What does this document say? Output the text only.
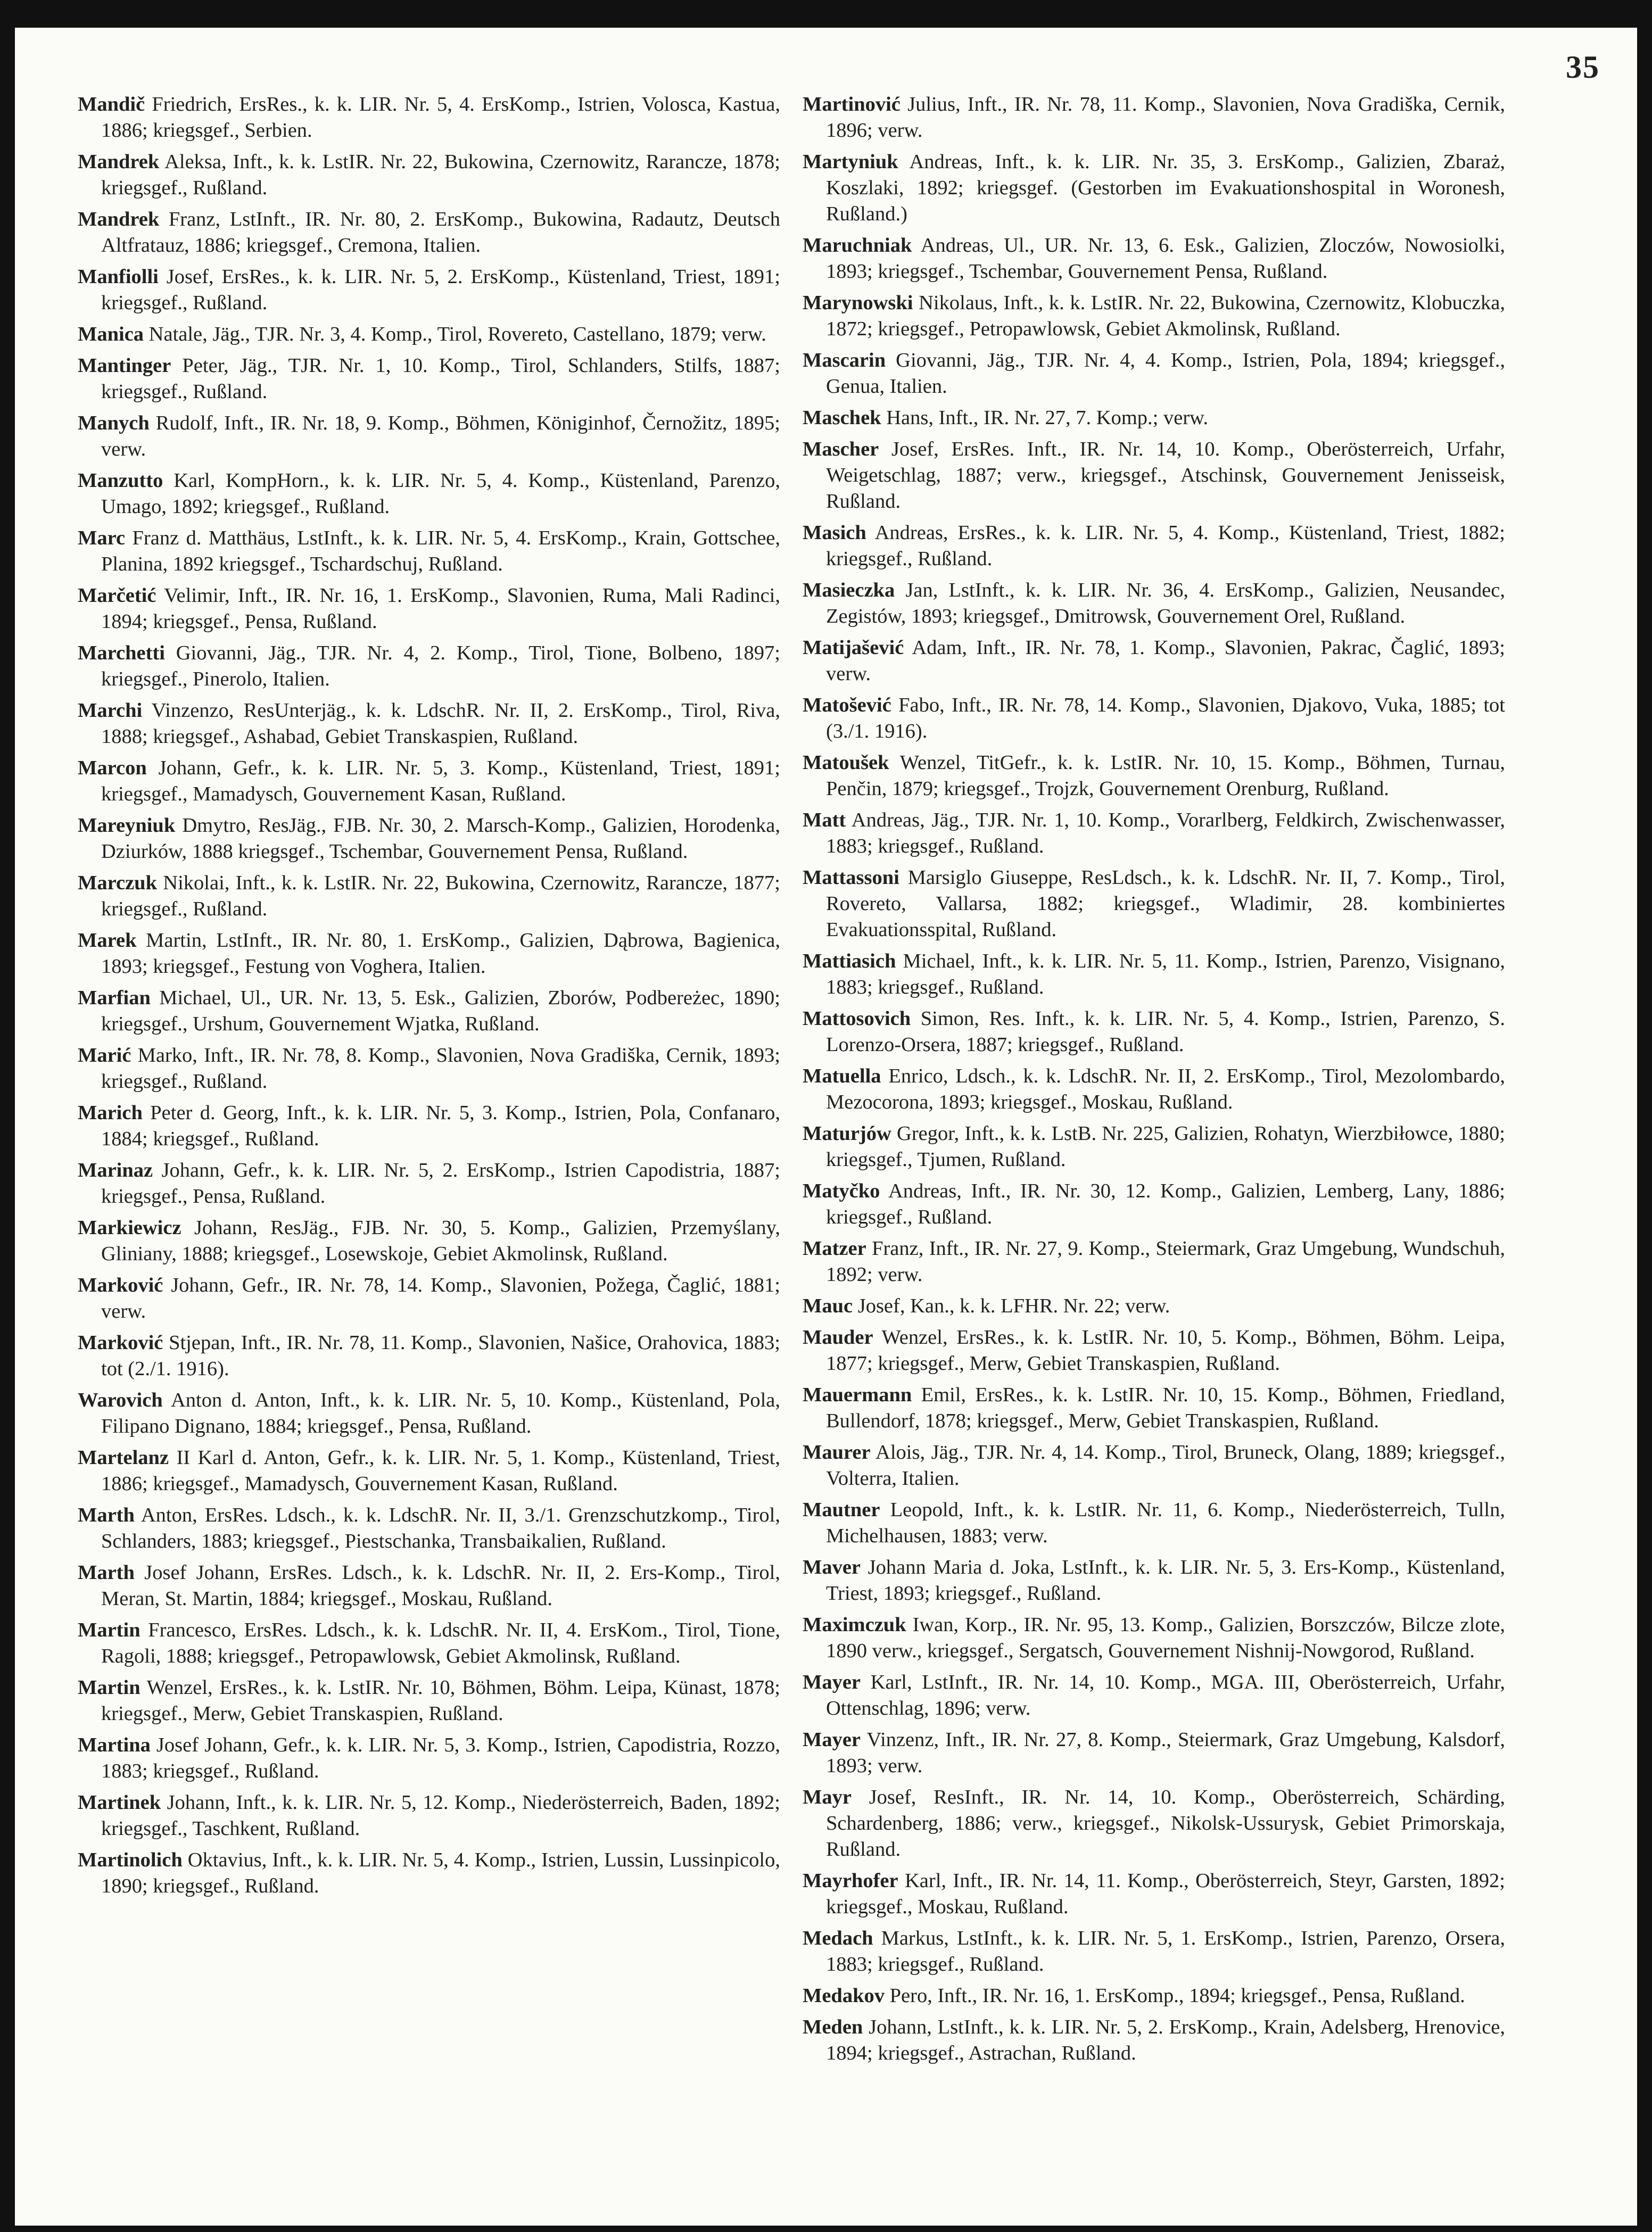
35
Mandič Friedrich, ErsRes., k. k. LIR. Nr. 5, 4. ErsKomp., Istrien, Volosca, Kastua, 1886; kriegsgef., Serbien.
Mandrek Aleksa, Inft., k. k. LstIR. Nr. 22, Bukowina, Czernowitz, Rarancze, 1878; kriegsgef., Rußland.
Mandrek Franz, LstInft., IR. Nr. 80, 2. ErsKomp., Bukowina, Radautz, Deutsch Altfratauz, 1886; kriegsgef., Cremona, Italien.
Manfiolli Josef, ErsRes., k. k. LIR. Nr. 5, 2. ErsKomp., Küstenland, Triest, 1891; kriegsgef., Rußland.
Manica Natale, Jäg., TJR. Nr. 3, 4. Komp., Tirol, Rovereto, Castellano, 1879; verw.
Mantinger Peter, Jäg., TJR. Nr. 1, 10. Komp., Tirol, Schlanders, Stilfs, 1887; kriegsgef., Rußland.
Manych Rudolf, Inft., IR. Nr. 18, 9. Komp., Böhmen, Königinhof, Černožitz, 1895; verw.
Manzutto Karl, KompHorn., k. k. LIR. Nr. 5, 4. Komp., Küstenland, Parenzo, Umago, 1892; kriegsgef., Rußland.
Marc Franz d. Matthäus, LstInft., k. k. LIR. Nr. 5, 4. ErsKomp., Krain, Gottschee, Planina, 1892 kriegsgef., Tschardschuj, Rußland.
Marčetić Velimir, Inft., IR. Nr. 16, 1. ErsKomp., Slavonien, Ruma, Mali Radinci, 1894; kriegsgef., Pensa, Rußland.
Marchetti Giovanni, Jäg., TJR. Nr. 4, 2. Komp., Tirol, Tione, Bolbeno, 1897; kriegsgef., Pinerolo, Italien.
Marchi Vinzenzo, ResUnterjäg., k. k. LdschR. Nr. II, 2. ErsKomp., Tirol, Riva, 1888; kriegsgef., Ashabad, Gebiet Transkaspien, Rußland.
Marcon Johann, Gefr., k. k. LIR. Nr. 5, 3. Komp., Küstenland, Triest, 1891; kriegsgef., Mamadysch, Gouvernement Kasan, Rußland.
Mareyniuk Dmytro, ResJäg., FJB. Nr. 30, 2. Marsch-Komp., Galizien, Horodenka, Dziurków, 1888 kriegsgef., Tschembar, Gouvernement Pensa, Rußland.
Marczuk Nikolai, Inft., k. k. LstIR. Nr. 22, Bukowina, Czernowitz, Rarancze, 1877; kriegsgef., Rußland.
Marek Martin, LstInft., IR. Nr. 80, 1. ErsKomp., Galizien, Dąbrowa, Bagienica, 1893; kriegsgef., Festung von Voghera, Italien.
Marfian Michael, Ul., UR. Nr. 13, 5. Esk., Galizien, Zborów, Podbereżec, 1890; kriegsgef., Urshum, Gouvernement Wjatka, Rußland.
Marić Marko, Inft., IR. Nr. 78, 8. Komp., Slavonien, Nova Gradiška, Cernik, 1893; kriegsgef., Rußland.
Marich Peter d. Georg, Inft., k. k. LIR. Nr. 5, 3. Komp., Istrien, Pola, Confanaro, 1884; kriegsgef., Rußland.
Marinaz Johann, Gefr., k. k. LIR. Nr. 5, 2. ErsKomp., Istrien Capodistria, 1887; kriegsgef., Pensa, Rußland.
Markiewicz Johann, ResJäg., FJB. Nr. 30, 5. Komp., Galizien, Przemyślany, Gliniany, 1888; kriegsgef., Losewskoje, Gebiet Akmolinsk, Rußland.
Marković Johann, Gefr., IR. Nr. 78, 14. Komp., Slavonien, Požega, Čaglić, 1881; verw.
Marković Stjepan, Inft., IR. Nr. 78, 11. Komp., Slavonien, Našice, Orahovica, 1883; tot (2./1. 1916).
Warovich Anton d. Anton, Inft., k. k. LIR. Nr. 5, 10. Komp., Küstenland, Pola, Filipano Dignano, 1884; kriegsgef., Pensa, Rußland.
Martelanz II Karl d. Anton, Gefr., k. k. LIR. Nr. 5, 1. Komp., Küstenland, Triest, 1886; kriegsgef., Mamadysch, Gouvernement Kasan, Rußland.
Marth Anton, ErsRes. Ldsch., k. k. LdschR. Nr. II, 3./1. Grenzschutzkomp., Tirol, Schlanders, 1883; kriegsgef., Piestschanka, Transbaikalien, Rußland.
Marth Josef Johann, ErsRes. Ldsch., k. k. LdschR. Nr. II, 2. Ers-Komp., Tirol, Meran, St. Martin, 1884; kriegsgef., Moskau, Rußland.
Martin Francesco, ErsRes. Ldsch., k. k. LdschR. Nr. II, 4. ErsKom., Tirol, Tione, Ragoli, 1888; kriegsgef., Petropawlowsk, Gebiet Akmolinsk, Rußland.
Martin Wenzel, ErsRes., k. k. LstIR. Nr. 10, Böhmen, Böhm. Leipa, Künast, 1878; kriegsgef., Merw, Gebiet Transkaspien, Rußland.
Martina Josef Johann, Gefr., k. k. LIR. Nr. 5, 3. Komp., Istrien, Capodistria, Rozzo, 1883; kriegsgef., Rußland.
Martinek Johann, Inft., k. k. LIR. Nr. 5, 12. Komp., Niederösterreich, Baden, 1892; kriegsgef., Taschkent, Rußland.
Martinolich Oktavius, Inft., k. k. LIR. Nr. 5, 4. Komp., Istrien, Lussin, Lussinpicolo, 1890; kriegsgef., Rußland.
Martinović Julius, Inft., IR. Nr. 78, 11. Komp., Slavonien, Nova Gradiška, Cernik, 1896; verw.
Martyniuk Andreas, Inft., k. k. LIR. Nr. 35, 3. ErsKomp., Galizien, Zbaraż, Koszlaki, 1892; kriegsgef. (Gestorben im Evakuationshospital in Woronesh, Rußland.)
Maruchniak Andreas, Ul., UR. Nr. 13, 6. Esk., Galizien, Zloczów, Nowosiolki, 1893; kriegsgef., Tschembar, Gouvernement Pensa, Rußland.
Marynowski Nikolaus, Inft., k. k. LstIR. Nr. 22, Bukowina, Czernowitz, Klobuczka, 1872; kriegsgef., Petropawlowsk, Gebiet Akmolinsk, Rußland.
Mascarin Giovanni, Jäg., TJR. Nr. 4, 4. Komp., Istrien, Pola, 1894; kriegsgef., Genua, Italien.
Maschek Hans, Inft., IR. Nr. 27, 7. Komp.; verw.
Mascher Josef, ErsRes. Inft., IR. Nr. 14, 10. Komp., Oberösterreich, Urfahr, Weigetschlag, 1887; verw., kriegsgef., Atschinsk, Gouvernement Jenisseisk, Rußland.
Masich Andreas, ErsRes., k. k. LIR. Nr. 5, 4. Komp., Küstenland, Triest, 1882; kriegsgef., Rußland.
Masieczka Jan, LstInft., k. k. LIR. Nr. 36, 4. ErsKomp., Galizien, Neusandec, Zegistów, 1893; kriegsgef., Dmitrowsk, Gouvernement Orel, Rußland.
Matijašević Adam, Inft., IR. Nr. 78, 1. Komp., Slavonien, Pakrac, Čaglić, 1893; verw.
Matošević Fabo, Inft., IR. Nr. 78, 14. Komp., Slavonien, Djakovo, Vuka, 1885; tot (3./1. 1916).
Matoušek Wenzel, TitGefr., k. k. LstIR. Nr. 10, 15. Komp., Böhmen, Turnau, Penčin, 1879; kriegsgef., Trojzk, Gouvernement Orenburg, Rußland.
Matt Andreas, Jäg., TJR. Nr. 1, 10. Komp., Vorarlberg, Feldkirch, Zwischenwasser, 1883; kriegsgef., Rußland.
Mattassoni Marsiglo Giuseppe, ResLdsch., k. k. LdschR. Nr. II, 7. Komp., Tirol, Rovereto, Vallarsa, 1882; kriegsgef., Wladimir, 28. kombiniertes Evakuationsspital, Rußland.
Mattiasich Michael, Inft., k. k. LIR. Nr. 5, 11. Komp., Istrien, Parenzo, Visignano, 1883; kriegsgef., Rußland.
Mattosovich Simon, Res. Inft., k. k. LIR. Nr. 5, 4. Komp., Istrien, Parenzo, S. Lorenzo-Orsera, 1887; kriegsgef., Rußland.
Matuella Enrico, Ldsch., k. k. LdschR. Nr. II, 2. ErsKomp., Tirol, Mezolombardo, Mezocorona, 1893; kriegsgef., Moskau, Rußland.
Maturjów Gregor, Inft., k. k. LstB. Nr. 225, Galizien, Rohatyn, Wierzbiłowce, 1880; kriegsgef., Tjumen, Rußland.
Matyčko Andreas, Inft., IR. Nr. 30, 12. Komp., Galizien, Lemberg, Lany, 1886; kriegsgef., Rußland.
Matzer Franz, Inft., IR. Nr. 27, 9. Komp., Steiermark, Graz Umgebung, Wundschuh, 1892; verw.
Mauc Josef, Kan., k. k. LFHR. Nr. 22; verw.
Mauder Wenzel, ErsRes., k. k. LstIR. Nr. 10, 5. Komp., Böhmen, Böhm. Leipa, 1877; kriegsgef., Merw, Gebiet Transkaspien, Rußland.
Mauermann Emil, ErsRes., k. k. LstIR. Nr. 10, 15. Komp., Böhmen, Friedland, Bullendorf, 1878; kriegsgef., Merw, Gebiet Transkaspien, Rußland.
Maurer Alois, Jäg., TJR. Nr. 4, 14. Komp., Tirol, Bruneck, Olang, 1889; kriegsgef., Volterra, Italien.
Mautner Leopold, Inft., k. k. LstIR. Nr. 11, 6. Komp., Niederösterreich, Tulln, Michelhausen, 1883; verw.
Maver Johann Maria d. Joka, LstInft., k. k. LIR. Nr. 5, 3. Ers-Komp., Küstenland, Triest, 1893; kriegsgef., Rußland.
Maximczuk Iwan, Korp., IR. Nr. 95, 13. Komp., Galizien, Borszczów, Bilcze zlote, 1890 verw., kriegsgef., Sergatsch, Gouvernement Nishnij-Nowgorod, Rußland.
Mayer Karl, LstInft., IR. Nr. 14, 10. Komp., MGA. III, Oberösterreich, Urfahr, Ottenschlag, 1896; verw.
Mayer Vinzenz, Inft., IR. Nr. 27, 8. Komp., Steiermark, Graz Umgebung, Kalsdorf, 1893; verw.
Mayr Josef, ResInft., IR. Nr. 14, 10. Komp., Oberösterreich, Schärding, Schardenberg, 1886; verw., kriegsgef., Nikolsk-Ussurysk, Gebiet Primorskaja, Rußland.
Mayrhofer Karl, Inft., IR. Nr. 14, 11. Komp., Oberösterreich, Steyr, Garsten, 1892; kriegsgef., Moskau, Rußland.
Medach Markus, LstInft., k. k. LIR. Nr. 5, 1. ErsKomp., Istrien, Parenzo, Orsera, 1883; kriegsgef., Rußland.
Medakov Pero, Inft., IR. Nr. 16, 1. ErsKomp., 1894; kriegsgef., Pensa, Rußland.
Meden Johann, LstInft., k. k. LIR. Nr. 5, 2. ErsKomp., Krain, Adelsberg, Hrenovice, 1894; kriegsgef., Astrachan, Rußland.
